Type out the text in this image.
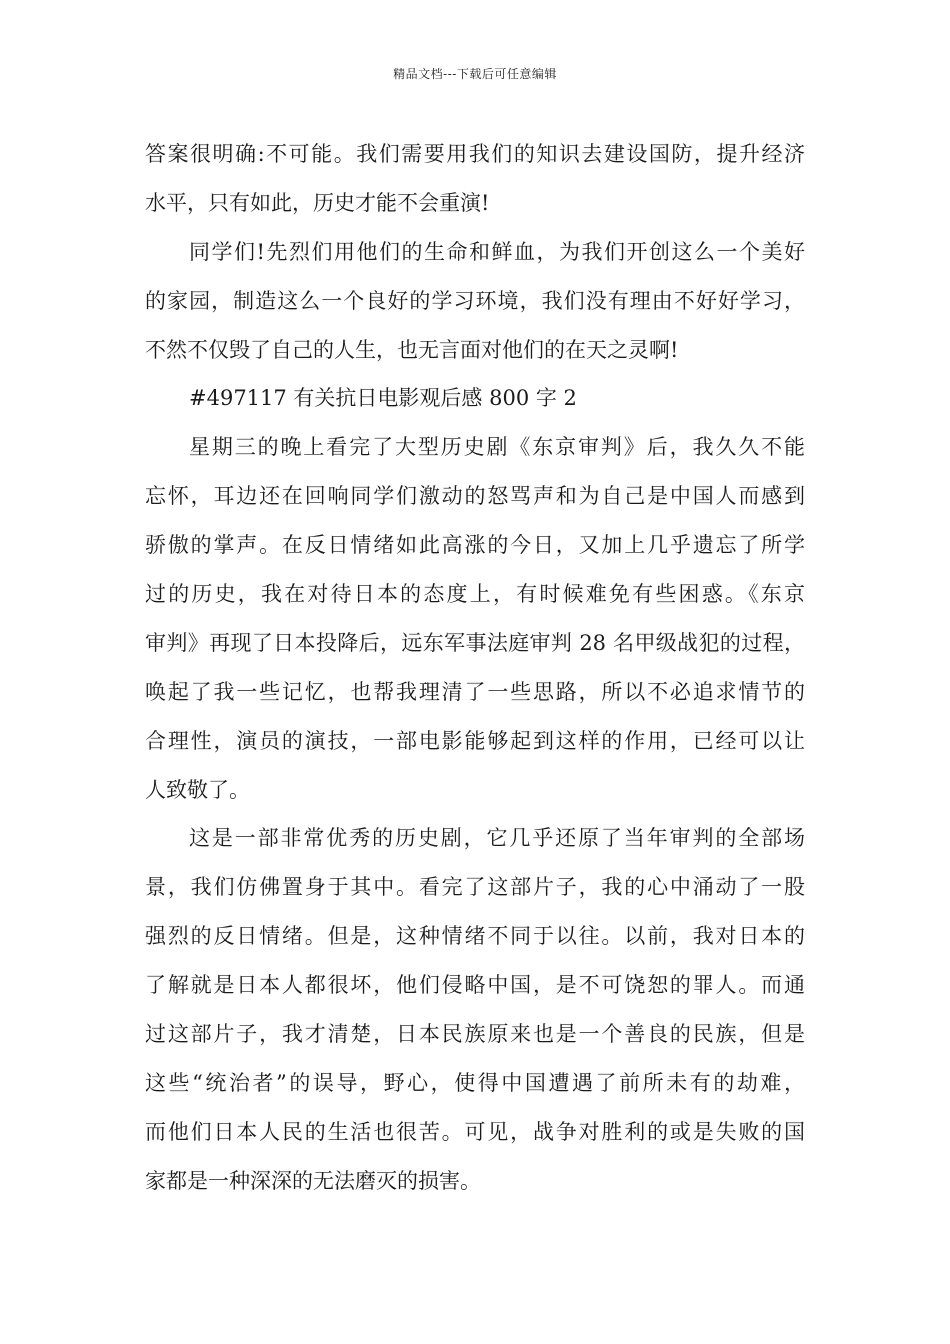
精品文档---下载后可任意编辑
答案很明确:不可能。我们需要用我们的知识去建设国防，提升经济
水平，只有如此，历史才能不会重演!
同学们!先烈们用他们的生命和鲜血，为我们开创这么一个美好
的家园，制造这么一个良好的学习环境，我们没有理由不好好学习，
不然不仅毁了自己的人生，也无言面对他们的在天之灵啊!
#497117 有关抗日电影观后感 800 字 2
星期三的晚上看完了大型历史剧《东京审判》后，我久久不能
忘怀，耳边还在回响同学们激动的怒骂声和为自己是中国人而感到
骄傲的掌声。在反日情绪如此高涨的今日，又加上几乎遗忘了所学
过的历史，我在对待日本的态度上，有时候难免有些困惑。《东京
审判》再现了日本投降后，远东军事法庭审判 28 名甲级战犯的过程，
唤起了我一些记忆，也帮我理清了一些思路，所以不必追求情节的
合理性，演员的演技，一部电影能够起到这样的作用，已经可以让
人致敬了。
这是一部非常优秀的历史剧，它几乎还原了当年审判的全部场
景，我们仿佛置身于其中。看完了这部片子，我的心中涌动了一股
强烈的反日情绪。但是，这种情绪不同于以往。以前，我对日本的
了解就是日本人都很坏，他们侵略中国，是不可饶恕的罪人。而通
过这部片子，我才清楚，日本民族原来也是一个善良的民族，但是
这些“统治者”的误导，野心，使得中国遭遇了前所未有的劫难，
而他们日本人民的生活也很苦。可见，战争对胜利的或是失败的国
家都是一种深深的无法磨灭的损害。
